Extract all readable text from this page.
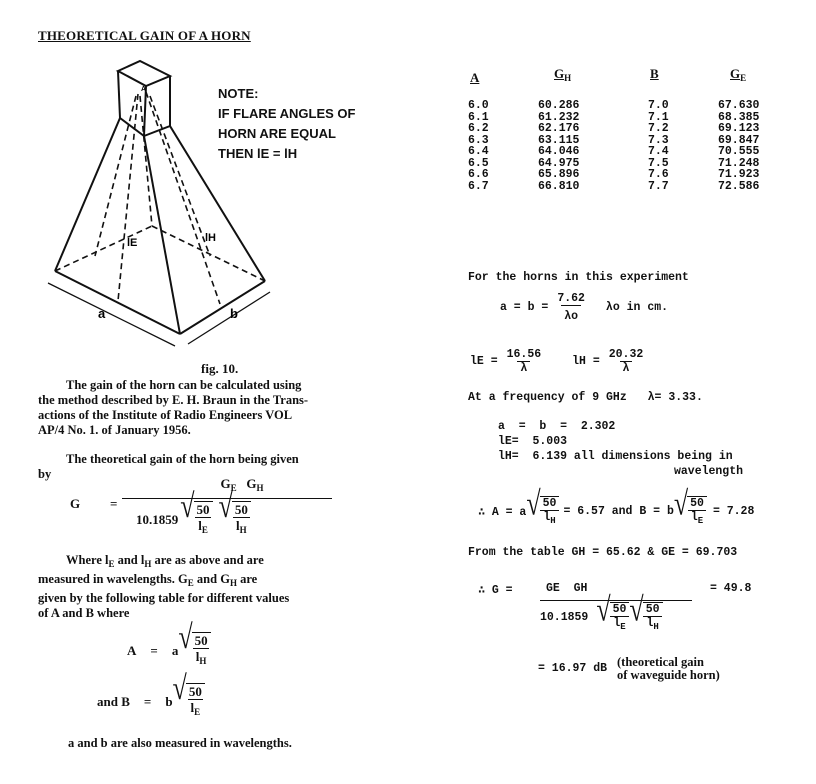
THEORETICAL GAIN OF A HORN
a	b
lE	lH
A	NOTE:
IF FLARE ANGLES OF
HORN ARE EQUAL
THEN lE = lH
fig. 10.
The gain of the horn can be calculated using
the method described by E. H. Braun in the Trans-
actions of the Institute of Radio Engineers VOL
AP/4 No. 1. of January 1956.
The theoretical gain of the horn being given
by
G =
$G_E$ $G_H$
10.1859 √ $\frac{50}{l_E}$ √ $\frac{50}{l_H}$
Where $l_E$ and $l_H$ are as above and are
measured in wavelengths. $G_E$ and $G_H$ are
given by the following table for different values
of A and B where
A = a √ $\frac{50}{l_H}$
and B = b √ $\frac{50}{l_E}$
a and b are also measured in wavelengths.
A	$G_H$	B	$G_E$
6.0	60.286	7.0	67.630
6.1	61.232	7.1	68.385
6.2	62.176	7.2	69.123
6.3	63.115	7.3	69.847
6.4	64.046	7.4	70.555
6.5	64.975	7.5	71.248
6.6	65.896	7.6	71.923
6.7	66.810	7.7	72.586
For the horns in this experiment
$a = b = \frac{7.62}{\lambda o}$ λo in cm.
lE = $\frac{16.56}{\lambda}$ lH = $\frac{20.32}{\lambda}$
At a frequency of 9 GHz λ= 3.33.
a  =  b  =  2.302
lE=  5.003
lH=  6.139 all dimensions being in
wavelength
∴ A = a √ $\frac{50}{l_H} = 6.57$ and B = b √ $\frac{50}{l_E} = 7.28$
From the table GH = 65.62 & GE = 69.703
∴ G =	GE  GH	= 49.8
10.1859 √ $\frac{50}{l_E}$ √ $\frac{50}{l_H}$
= 16.97 dB (theoretical gain
of waveguide horn)
